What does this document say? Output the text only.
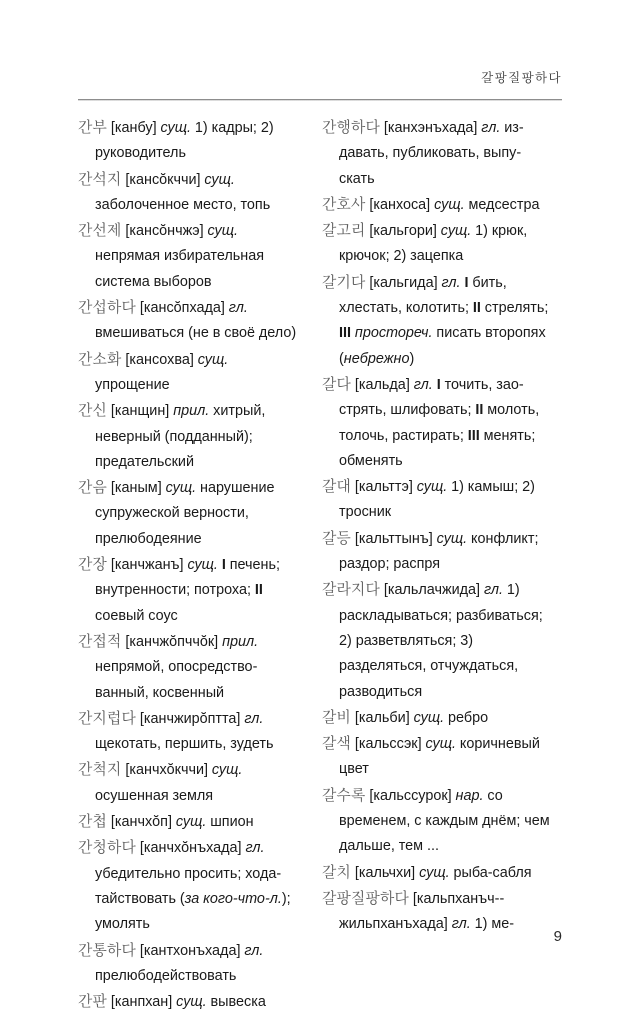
갈팡질팡하다

간부 [канбу] сущ. 1) кадры; 2) руководитель

간석지 [кансŏкччи] сущ. заболоченное место, топь

간선제 [кансŏнчжэ] сущ. непрямая избирательная система выборов

간섭하다 [кансŏпхада] гл. вмешиваться (не в своё дело)

간소화 [кансохва] сущ. упрощение

간신 [канщин] прил. хитрый, неверный (подданный); предательский

간음 [каным] сущ. нарушение супружеской верности, прелюбодеяние

간장 [канчжанъ] сущ. I печень; внутренности; потроха; II соевый соус

간접적 [канчжŏпччŏк] прил. непрямой, опосредствованный, косвенный

간지럽다 [канчжирŏптта] гл. щекотать, першить, зудеть

간척지 [канчхŏкччи] сущ. осушенная земля

간첩 [канчхŏп] сущ. шпион

간청하다 [канчхŏнъхада] гл. убедительно просить; ходатайствовать (за кого-что-л.); умолять

간통하다 [кантхонъхада] гл. прелюбодействовать

간판 [канпхан] сущ. вывеска

간행하다 [канхэнъхада] гл. издавать, публиковать, выпускать

간호사 [канхоса] сущ. медсестра

갈고리 [кальгори] сущ. 1) крюк, крючок; 2) зацепка

갈기다 [кальгида] гл. I бить, хлестать, колотить; II стрелять; III простореч. писать второпях (небрежно)

갈다 [кальда] гл. I точить, заострять, шлифовать; II молоть, толочь, растирать; III менять; обменять

갈대 [кальттэ] сущ. 1) камыш; 2) тросник

갈등 [кальттынъ] сущ. конфликт; раздор; распря

갈라지다 [кальлачжида] гл. 1) раскладываться; разбиваться; 2) разветвляться; 3) разделяться, отчуждаться, разводиться

갈비 [кальби] сущ. ребро

갈색 [кальссэк] сущ. коричневый цвет

갈수록 [кальссурок] нар. со временем, с каждым днём; чем дальше, тем ...

갈치 [кальчхи] сущ. рыба-сабля

갈팡질팡하다 [кальпханъч-жильпханъхада] гл. 1) ме-

9
